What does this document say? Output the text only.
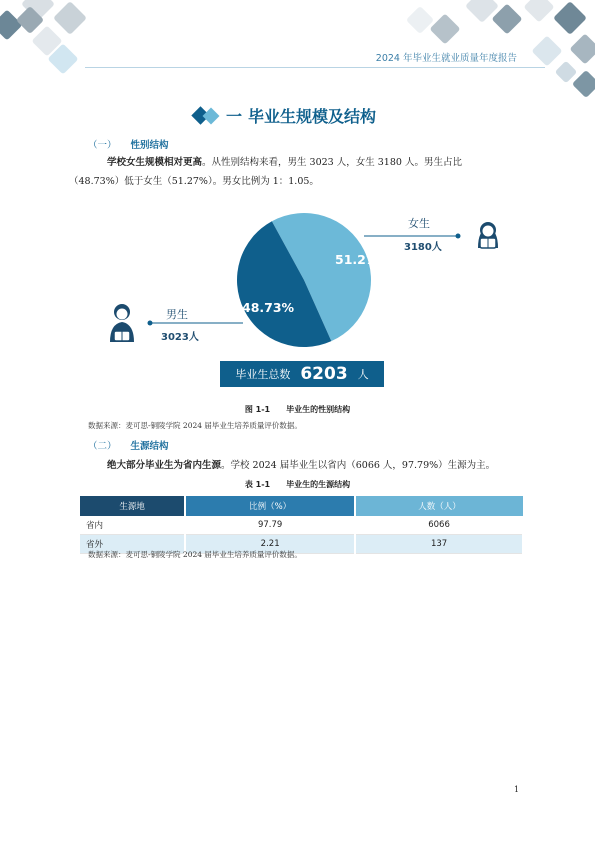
2024 年毕业生就业质量年度报告
一 毕业生规模及结构
（一） 性别结构
学校女生规模相对更高。从性别结构来看，男生 3023 人，女生 3180 人。男生占比
（48.73%）低于女生（51.27%）。男女比例为 1：1.05。
51.27%
48.73%
女生
3180人
男生
3023人
毕业生总数 6203 人
图 1-1 毕业生的性别结构
数据来源：麦可思-铜陵学院 2024 届毕业生培养质量评价数据。
（二） 生源结构
绝大部分毕业生为省内生源。学校 2024 届毕业生以省内（6066 人，97.79%）生源为主。
表 1-1 毕业生的生源结构
生源地	比例（%）	人数（人）
省内	97.79	6066
省外	2.21	137
数据来源：麦可思-铜陵学院 2024 届毕业生培养质量评价数据。
1
